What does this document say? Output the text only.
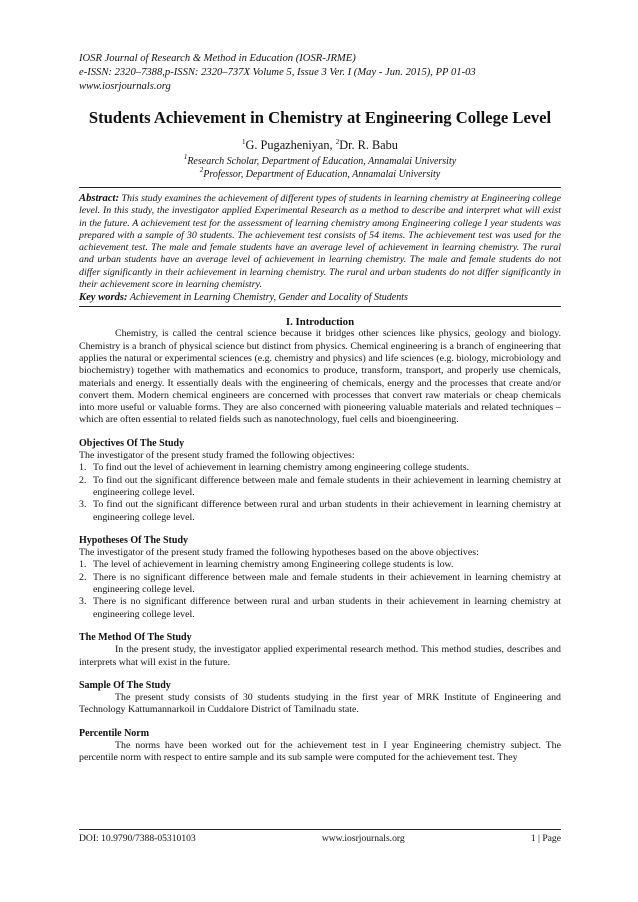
IOSR Journal of Research & Method in Education (IOSR-JRME)
e-ISSN: 2320–7388,p-ISSN: 2320–737X Volume 5, Issue 3 Ver. I (May - Jun. 2015), PP 01-03
www.iosrjournals.org
Students Achievement in Chemistry at Engineering College Level
$^1$G. Pugazheniyan, $^2$Dr. R. Babu
$^1$Research Scholar, Department of Education, Annamalai University
$^2$Professor, Department of Education, Annamalai University
Abstract: This study examines the achievement of different types of students in learning chemistry at Engineering college level. In this study, the investigator applied Experimental Research as a method to describe and interpret what will exist in the future. A achievement test for the assessment of learning chemistry among Engineering college I year students was prepared with a sample of 30 students. The achievement test consists of 54 items. The achievement test was used for the achievement test. The male and female students have an average level of achievement in learning chemistry. The rural and urban students have an average level of achievement in learning chemistry. The male and female students do not differ significantly in their achievement in learning chemistry. The rural and urban students do not differ significantly in their achievement score in learning chemistry.
Key words: Achievement in Learning Chemistry, Gender and Locality of Students
I. Introduction

Chemistry, is called the central science because it bridges other sciences like physics, geology and biology. Chemistry is a branch of physical science but distinct from physics. Chemical engineering is a branch of engineering that applies the natural or experimental sciences (e.g. chemistry and physics) and life sciences (e.g. biology, microbiology and biochemistry) together with mathematics and economics to produce, transform, transport, and properly use chemicals, materials and energy. It essentially deals with the engineering of chemicals, energy and the processes that create and/or convert them. Modern chemical engineers are concerned with processes that convert raw materials or cheap chemicals into more useful or valuable forms. They are also concerned with pioneering valuable materials and related techniques – which are often essential to related fields such as nanotechnology, fuel cells and bioengineering.

Objectives Of The Study
The investigator of the present study framed the following objectives:
1. To find out the level of achievement in learning chemistry among engineering college students.
2. To find out the significant difference between male and female students in their achievement in learning chemistry at engineering college level.
3. To find out the significant difference between rural and urban students in their achievement in learning chemistry at engineering college level.
Hypotheses Of The Study
The investigator of the present study framed the following hypotheses based on the above objectives:
1. The level of achievement in learning chemistry among Engineering college students is low.
2. There is no significant difference between male and female students in their achievement in learning chemistry at engineering college level.
3. There is no significant difference between rural and urban students in their achievement in learning chemistry at engineering college level.
The Method Of The Study

In the present study, the investigator applied experimental research method. This method studies, describes and interprets what will exist in the future.

Sample Of The Study

The present study consists of 30 students studying in the first year of MRK Institute of Engineering and Technology Kattumannarkoil in Cuddalore District of Tamilnadu state.

Percentile Norm

The norms have been worked out for the achievement test in I year Engineering chemistry subject. The percentile norm with respect to entire sample and its sub sample were computed for the achievement test. They

DOI: 10.9790/7388-05310103	www.iosrjournals.org	1 | Page
